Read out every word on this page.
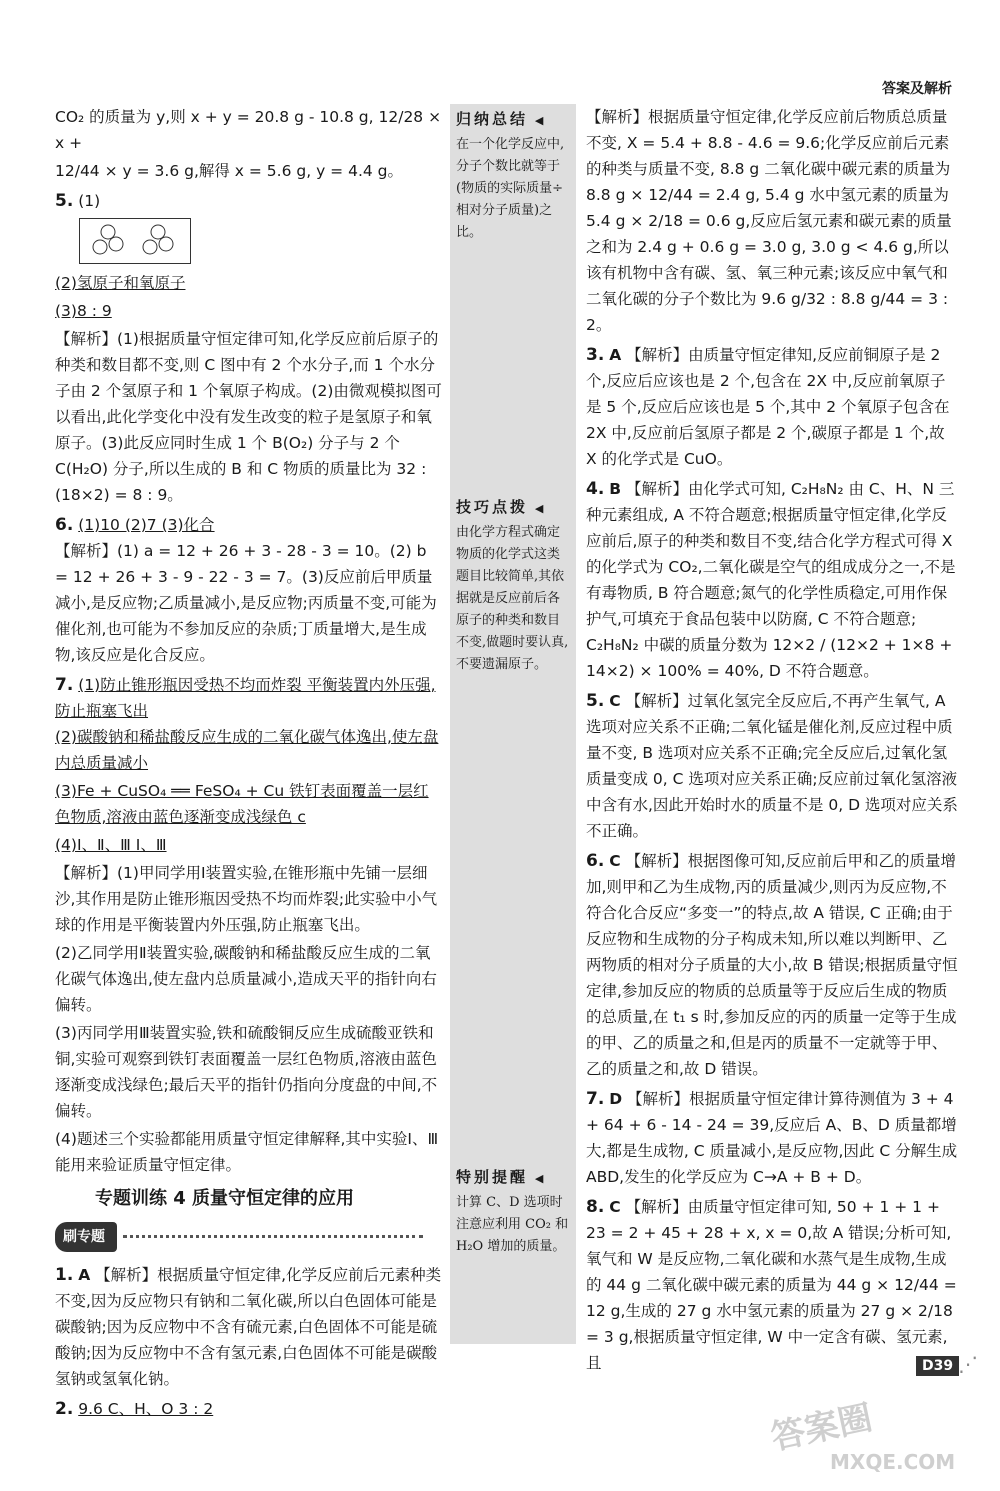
答案及解析

CO₂ 的质量为 y,则 x + y = 20.8 g - 10.8 g, 12/28 × x +

12/44 × y = 3.6 g,解得 x = 5.6 g, y = 4.4 g。

5. (1)

(2)氢原子和氧原子

(3)8 : 9

【解析】(1)根据质量守恒定律可知,化学反应前后原子的种类和数目都不变,则 C 图中有 2 个水分子,而 1 个水分子由 2 个氢原子和 1 个氧原子构成。(2)由微观模拟图可以看出,此化学变化中没有发生改变的粒子是氢原子和氧原子。(3)此反应同时生成 1 个 B(O₂) 分子与 2 个 C(H₂O) 分子,所以生成的 B 和 C 物质的质量比为 32 : (18×2) = 8 : 9。

6. (1)10 (2)7 (3)化合

【解析】(1) a = 12 + 26 + 3 - 28 - 3 = 10。(2) b = 12 + 26 + 3 - 9 - 22 - 3 = 7。(3)反应前后甲质量减小,是反应物;乙质量减小,是反应物;丙质量不变,可能为催化剂,也可能为不参加反应的杂质;丁质量增大,是生成物,该反应是化合反应。

7. (1)防止锥形瓶因受热不均而炸裂 平衡装置内外压强,防止瓶塞飞出

(2)碳酸钠和稀盐酸反应生成的二氧化碳气体逸出,使左盘内总质量减小

(3)Fe + CuSO₄ ══ FeSO₄ + Cu 铁钉表面覆盖一层红色物质,溶液由蓝色逐渐变成浅绿色 c

(4)Ⅰ、Ⅱ、Ⅲ Ⅰ、Ⅲ

【解析】(1)甲同学用Ⅰ装置实验,在锥形瓶中先铺一层细沙,其作用是防止锥形瓶因受热不均而炸裂;此实验中小气球的作用是平衡装置内外压强,防止瓶塞飞出。

(2)乙同学用Ⅱ装置实验,碳酸钠和稀盐酸反应生成的二氧化碳气体逸出,使左盘内总质量减小,造成天平的指针向右偏转。

(3)丙同学用Ⅲ装置实验,铁和硫酸铜反应生成硫酸亚铁和铜,实验可观察到铁钉表面覆盖一层红色物质,溶液由蓝色逐渐变成浅绿色;最后天平的指针仍指向分度盘的中间,不偏转。

(4)题述三个实验都能用质量守恒定律解释,其中实验Ⅰ、Ⅲ能用来验证质量守恒定律。

专题训练 4 质量守恒定律的应用
刷专题
1. A 【解析】根据质量守恒定律,化学反应前后元素种类不变,因为反应物只有钠和二氧化碳,所以白色固体可能是碳酸钠;因为反应物中不含有硫元素,白色固体不可能是硫酸钠;因为反应物中不含有氢元素,白色固体不可能是碳酸氢钠或氢氧化钠。
2. 9.6 C、H、O 3 : 2
归纳总结 ◀
在一个化学反应中,分子个数比就等于(物质的实际质量÷相对分子质量)之比。
技巧点拨 ◀
由化学方程式确定物质的化学式这类题目比较简单,其依据就是反应前后各原子的种类和数目不变,做题时要认真,不要遗漏原子。
特别提醒 ◀
计算 C、D 选项时注意应利用 CO₂ 和 H₂O 增加的质量。

【解析】根据质量守恒定律,化学反应前后物质总质量不变, X = 5.4 + 8.8 - 4.6 = 9.6;化学反应前后元素的种类与质量不变, 8.8 g 二氧化碳中碳元素的质量为 8.8 g × 12/44 = 2.4 g, 5.4 g 水中氢元素的质量为 5.4 g × 2/18 = 0.6 g,反应后氢元素和碳元素的质量之和为 2.4 g + 0.6 g = 3.0 g, 3.0 g < 4.6 g,所以该有机物中含有碳、氢、氧三种元素;该反应中氧气和二氧化碳的分子个数比为 9.6 g/32 : 8.8 g/44 = 3 : 2。

3. A 【解析】由质量守恒定律知,反应前铜原子是 2 个,反应后应该也是 2 个,包含在 2X 中,反应前氧原子是 5 个,反应后应该也是 5 个,其中 2 个氧原子包含在 2X 中,反应前后氢原子都是 2 个,碳原子都是 1 个,故 X 的化学式是 CuO。
4. B 【解析】由化学式可知, C₂H₈N₂ 由 C、H、N 三种元素组成, A 不符合题意;根据质量守恒定律,化学反应前后,原子的种类和数目不变,结合化学方程式可得 X 的化学式为 CO₂,二氧化碳是空气的组成成分之一,不是有毒物质, B 符合题意;氮气的化学性质稳定,可用作保护气,可填充于食品包装中以防腐, C 不符合题意; C₂H₈N₂ 中碳的质量分数为 12×2 / (12×2 + 1×8 + 14×2) × 100% = 40%, D 不符合题意。
5. C 【解析】过氧化氢完全反应后,不再产生氧气, A 选项对应关系不正确;二氧化锰是催化剂,反应过程中质量不变, B 选项对应关系不正确;完全反应后,过氧化氢质量变成 0, C 选项对应关系正确;反应前过氧化氢溶液中含有水,因此开始时水的质量不是 0, D 选项对应关系不正确。
6. C 【解析】根据图像可知,反应前后甲和乙的质量增加,则甲和乙为生成物,丙的质量减少,则丙为反应物,不符合化合反应“多变一”的特点,故 A 错误, C 正确;由于反应物和生成物的分子构成未知,所以难以判断甲、乙两物质的相对分子质量的大小,故 B 错误;根据质量守恒定律,参加反应的物质的总质量等于反应后生成的物质的总质量,在 t₁ s 时,参加反应的丙的质量一定等于生成的甲、乙的质量之和,但是丙的质量不一定就等于甲、乙的质量之和,故 D 错误。
7. D 【解析】根据质量守恒定律计算待测值为 3 + 4 + 64 + 6 - 14 - 24 = 39,反应后 A、B、D 质量都增大,都是生成物, C 质量减小,是反应物,因此 C 分解生成 ABD,发生的化学反应为 C→A + B + D。
8. C 【解析】由质量守恒定律可知, 50 + 1 + 1 + 23 = 2 + 45 + 28 + x, x = 0,故 A 错误;分析可知,氧气和 W 是反应物,二氧化碳和水蒸气是生成物,生成的 44 g 二氧化碳中碳元素的质量为 44 g × 12/44 = 12 g,生成的 27 g 水中氢元素的质量为 27 g × 2/18 = 3 g,根据质量守恒定律, W 中一定含有碳、氢元素,且	D39 ⋰
答案圈
MXQE.COM
